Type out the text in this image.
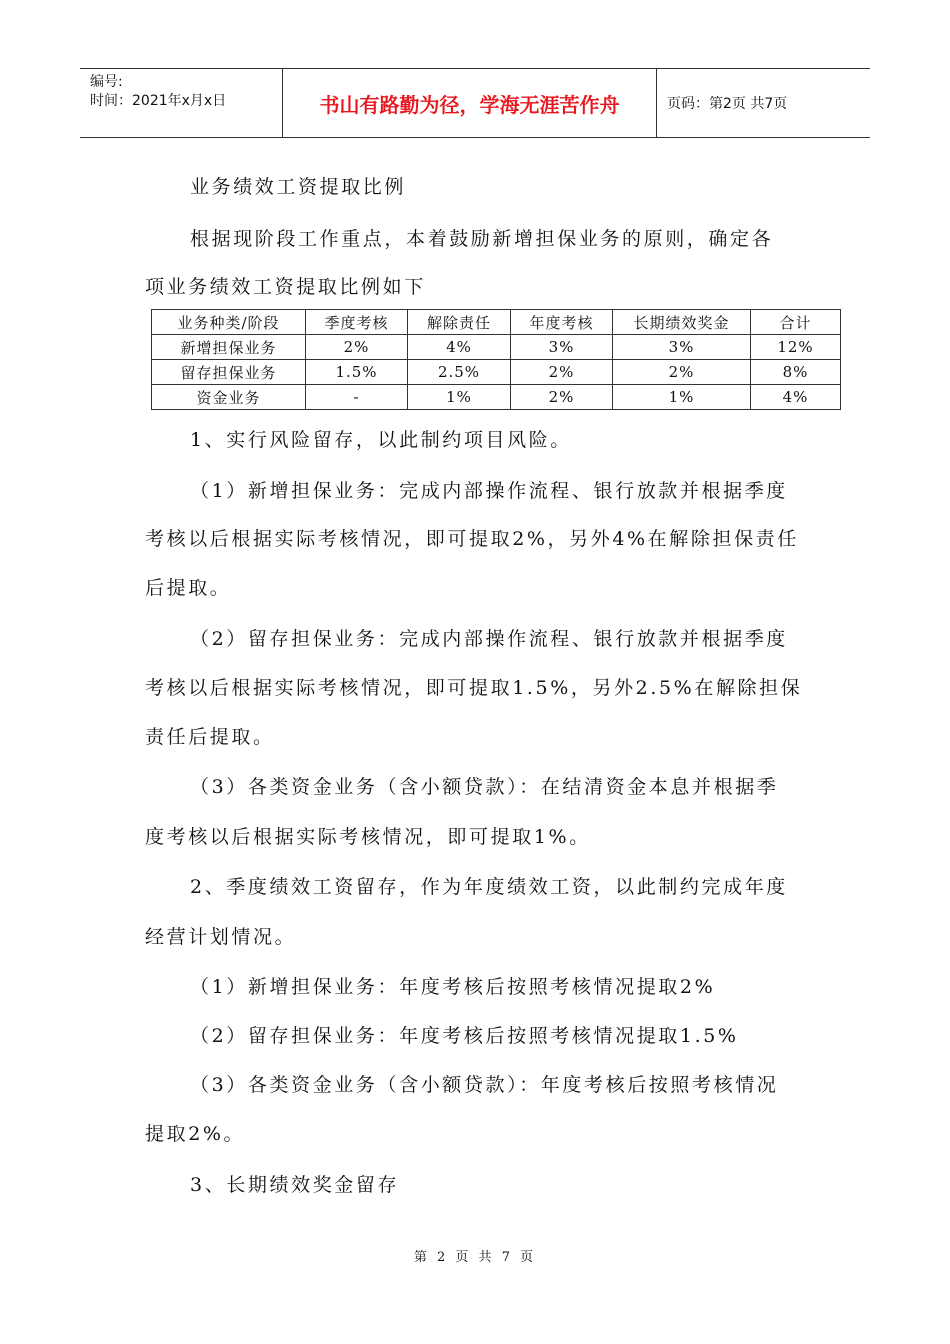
编号:
时间：2021年x月x日	书山有路勤为径，学海无涯苦作舟	页码：第2页 共7页
业务绩效工资提取比例
根据现阶段工作重点，本着鼓励新增担保业务的原则，确定各
项业务绩效工资提取比例如下
业务种类/阶段	季度考核	解除责任	年度考核	长期绩效奖金	合计
新增担保业务	2%	4%	3%	3%	12%
留存担保业务	1.5%	2.5%	2%	2%	8%
资金业务	-	1%	2%	1%	4%
1、实行风险留存，以此制约项目风险。
（1）新增担保业务：完成内部操作流程、银行放款并根据季度
考核以后根据实际考核情况，即可提取2%，另外4%在解除担保责任
后提取。
（2）留存担保业务：完成内部操作流程、银行放款并根据季度
考核以后根据实际考核情况，即可提取1.5%，另外2.5%在解除担保
责任后提取。
（3）各类资金业务（含小额贷款）：在结清资金本息并根据季
度考核以后根据实际考核情况，即可提取1%。
2、季度绩效工资留存，作为年度绩效工资，以此制约完成年度
经营计划情况。
（1）新增担保业务：年度考核后按照考核情况提取2%
（2）留存担保业务：年度考核后按照考核情况提取1.5%
（3）各类资金业务（含小额贷款）：年度考核后按照考核情况
提取2%。
3、长期绩效奖金留存
第 2 页 共 7 页
